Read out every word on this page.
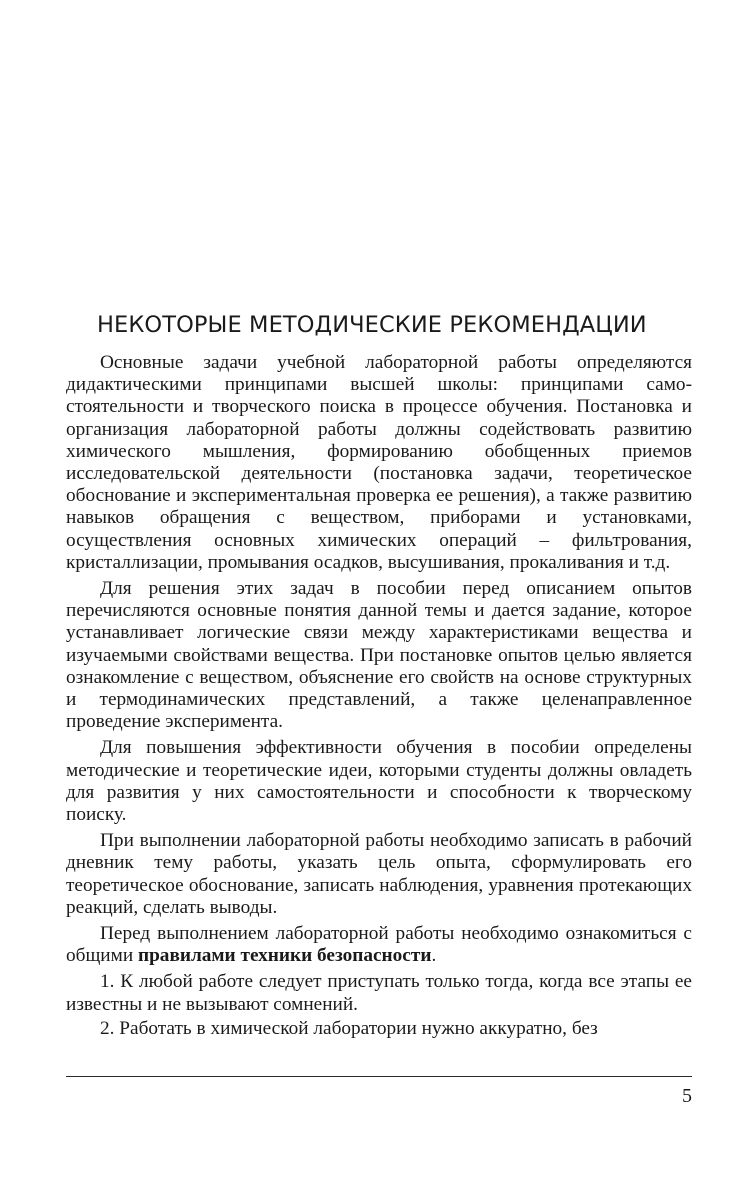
НЕКОТОРЫЕ МЕТОДИЧЕСКИЕ РЕКОМЕНДАЦИИ

Основные задачи учебной лабораторной работы определяются дидактическими принципами высшей школы: принципами самостоятельности и творческого поиска в процессе обучения. Постановка и организация лабораторной работы должны содействовать развитию химического мышления, формированию обобщенных приемов исследовательской деятельности (постановка задачи, теоретическое обоснование и экспериментальная проверка ее решения), а также развитию навыков обращения с веществом, приборами и установками, осуществления основных химических операций – фильтрования, кристаллизации, промывания осадков, высушивания, прокаливания и т.д.

Для решения этих задач в пособии перед описанием опытов перечисляются основные понятия данной темы и дается задание, которое устанавливает логические связи между характеристиками вещества и изучаемыми свойствами вещества. При постановке опытов целью является ознакомление с веществом, объяснение его свойств на основе структурных и термодинамических представлений, а также целенаправленное проведение эксперимента.

Для повышения эффективности обучения в пособии определены методические и теоретические идеи, которыми студенты должны овладеть для развития у них самостоятельности и способности к творческому поиску.

При выполнении лабораторной работы необходимо записать в рабочий дневник тему работы, указать цель опыта, сформулировать его теоретическое обоснование, записать наблюдения, уравнения протекающих реакций, сделать выводы.

Перед выполнением лабораторной работы необходимо ознакомиться с общими правилами техники безопасности.

1. К любой работе следует приступать только тогда, когда все этапы ее известны и не вызывают сомнений.

2. Работать в химической лаборатории нужно аккуратно, без

5
